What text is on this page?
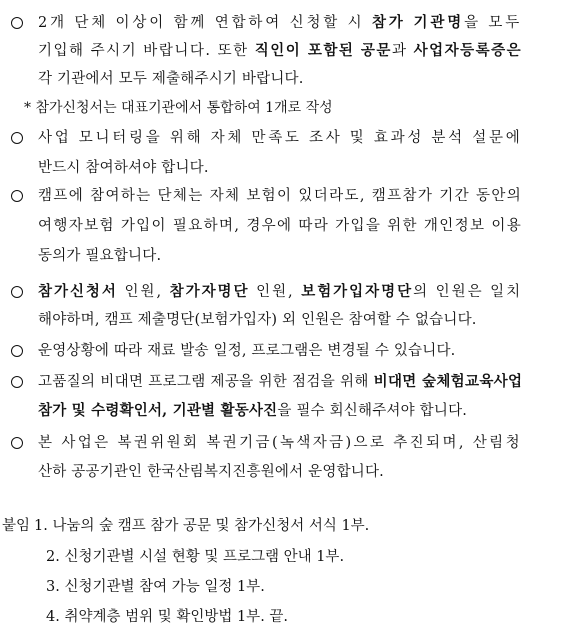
2개 단체 이상이 함께 연합하여 신청할 시 참가 기관명을 모두
기입해 주시기 바랍니다. 또한 직인이 포함된 공문과 사업자등록증은
각 기관에서 모두 제출해주시기 바랍니다.
* 참가신청서는 대표기관에서 통합하여 1개로 작성
사업 모니터링을 위해 자체 만족도 조사 및 효과성 분석 설문에
반드시 참여하셔야 합니다.
캠프에 참여하는 단체는 자체 보험이 있더라도, 캠프참가 기간 동안의
여행자보험 가입이 필요하며, 경우에 따라 가입을 위한 개인정보 이용
동의가 필요합니다.
참가신청서 인원, 참가자명단 인원, 보험가입자명단의 인원은 일치
해야하며, 캠프 제출명단(보험가입자) 외 인원은 참여할 수 없습니다.
운영상황에 따라 재료 발송 일정, 프로그램은 변경될 수 있습니다.
고품질의 비대면 프로그램 제공을 위한 점검을 위해 비대면 숲체험교육사업
참가 및 수령확인서, 기관별 활동사진을 필수 회신해주셔야 합니다.
본 사업은 복권위원회 복권기금(녹색자금)으로 추진되며, 산림청
산하 공공기관인 한국산림복지진흥원에서 운영합니다.
붙임 1. 나눔의 숲 캠프 참가 공문 및 참가신청서 서식 1부.
2. 신청기관별 시설 현황 및 프로그램 안내 1부.
3. 신청기관별 참여 가능 일정 1부.
4. 취약계층 범위 및 확인방법 1부. 끝.
